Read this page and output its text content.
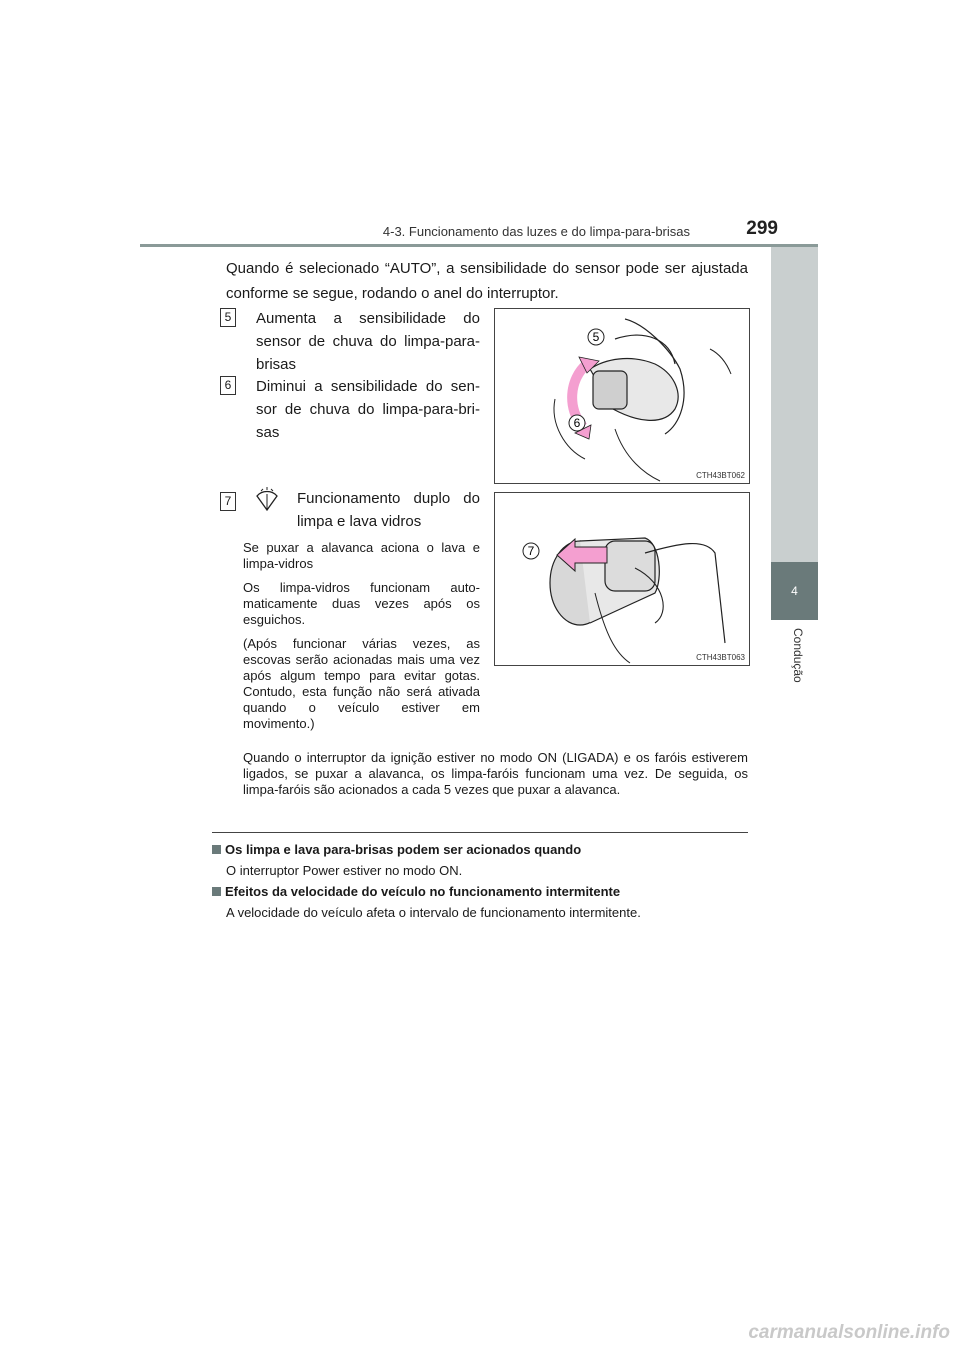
4-3. Funcionamento das luzes e do limpa-para-brisas	299
4
Condução
Quando é selecionado “AUTO”, a sensibilidade do sensor pode ser ajustada conforme se segue, rodando o anel do interruptor.
5	Aumenta a sensibilidade do sensor de chuva do limpa-para-brisas
6	Diminui a sensibilidade do sen-sor de chuva do limpa-para-bri-sas
5
6
CTH43BT062
7	Funcionamento duplo do limpa e lava vidros
Se puxar a alavanca aciona o lava e limpa-vidros
Os limpa-vidros funcionam auto-maticamente duas vezes após os esguichos.
(Após funcionar várias vezes, as escovas serão acionadas mais uma vez após algum tempo para evitar gotas. Contudo, esta função não será ativada quando o veículo estiver em movimento.)
7
CTH43BT063
Quando o interruptor da ignição estiver no modo ON (LIGADA) e os faróis estiverem ligados, se puxar a alavanca, os limpa-faróis funcionam uma vez. De seguida, os limpa-faróis são acionados a cada 5 vezes que puxar a alavanca.
Os limpa e lava para-brisas podem ser acionados quando
O interruptor Power estiver no modo ON.
Efeitos da velocidade do veículo no funcionamento intermitente
A velocidade do veículo afeta o intervalo de funcionamento intermitente.
carmanualsonline.info
